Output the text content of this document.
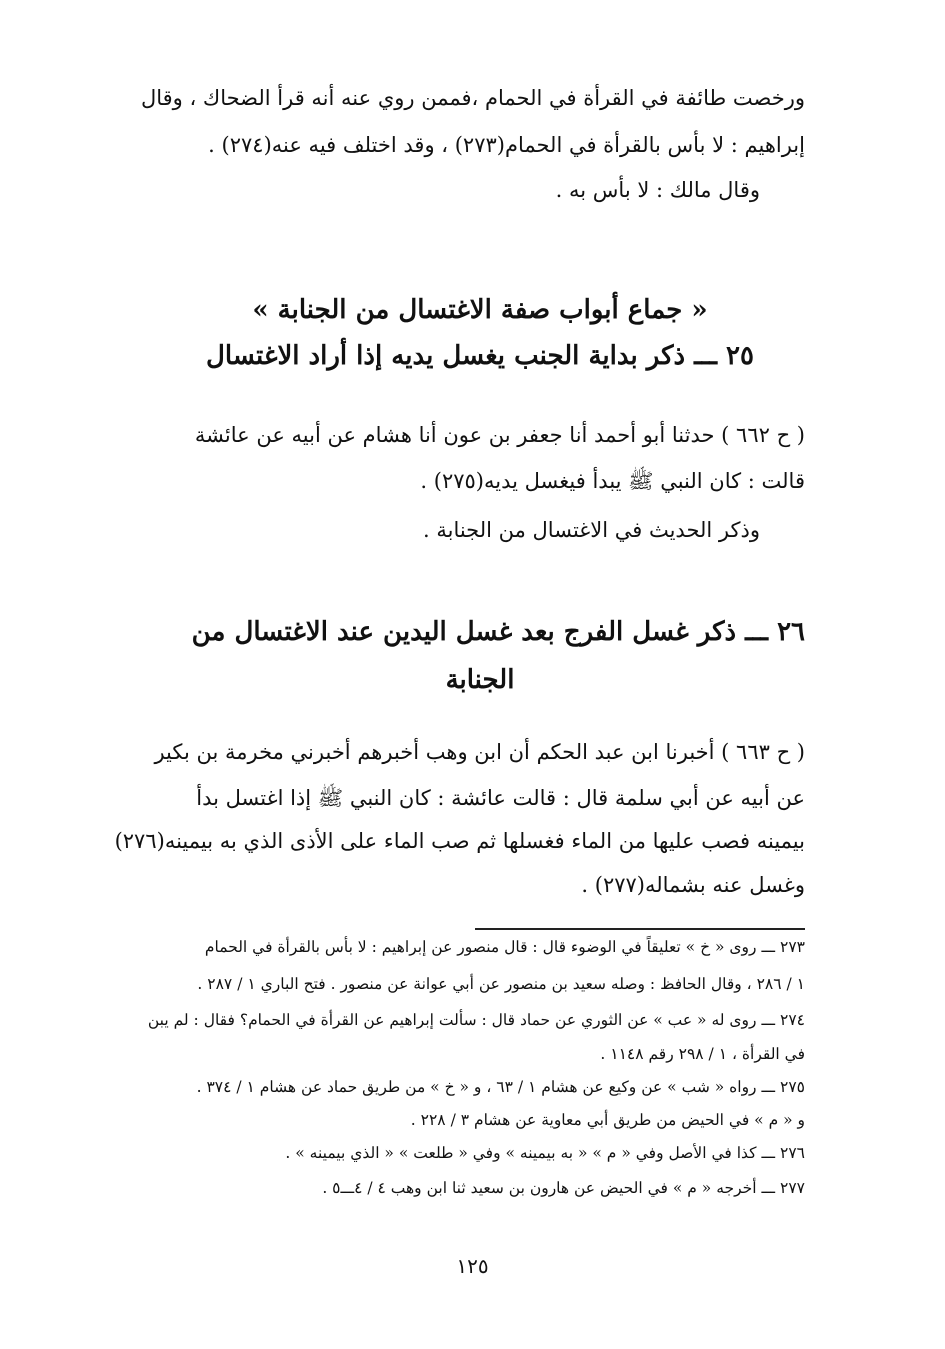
ورخصت طائفة في القرأة في الحمام ،فممن روي عنه أنه قرأ الضحاك ، وقال
إبراهيم : لا بأس بالقرأة في الحمام(٢٧٣) ، وقد اختلف فيه عنه(٢٧٤) .
وقال مالك : لا بأس به .
« جماع أبواب صفة الاغتسال من الجنابة »
٢٥ ـــ ذكر بداية الجنب يغسل يديه إذا أراد الاغتسال
( ح ٦٦٢ ) حدثنا أبو أحمد أنا جعفر بن عون أنا هشام عن أبيه عن عائشة
قالت : كان النبي ﷺ يبدأ فيغسل يديه(٢٧٥) .
وذكر الحديث في الاغتسال من الجنابة .
٢٦ ـــ ذكر غسل الفرج بعد غسل اليدين عند الاغتسال من
الجنابة
( ح ٦٦٣ ) أخبرنا ابن عبد الحكم أن ابن وهب أخبرهم أخبرني مخرمة بن بكير
عن أبيه عن أبي سلمة قال : قالت عائشة : كان النبي ﷺ إذا اغتسل بدأ
بيمينه فصب عليها من الماء فغسلها ثم صب الماء على الأذى الذي به بيمينه(٢٧٦)
وغسل عنه بشماله(٢٧٧) .
٢٧٣ ـــ روى « خ » تعليقاً في الوضوء قال : قال منصور عن إبراهيم : لا بأس بالقرأة في الحمام
١ / ٢٨٦ ، وقال الحافظ : وصله سعيد بن منصور عن أبي عوانة عن منصور . فتح الباري ١ / ٢٨٧ .
٢٧٤ ـــ روى له « عب » عن الثوري عن حماد قال : سألت إبراهيم عن القرأة في الحمام؟ فقال : لم يبن
في القرأة ، ١ / ٢٩٨ رقم ١١٤٨ .
٢٧٥ ـــ رواه « شب » عن وكيع عن هشام ١ / ٦٣ ، و « خ » من طريق حماد عن هشام ١ / ٣٧٤ .
و « م » في الحيض من طريق أبي معاوية عن هشام ٣ / ٢٢٨ .
٢٧٦ ـــ كذا في الأصل وفي « م » « به بيمينه » وفي « طلعت » « الذي بيمينه » .
٢٧٧ ـــ أخرجه « م » في الحيض عن هارون بن سعيد ثنا ابن وهب ٤ / ٤ـــ٥ .
١٢٥
